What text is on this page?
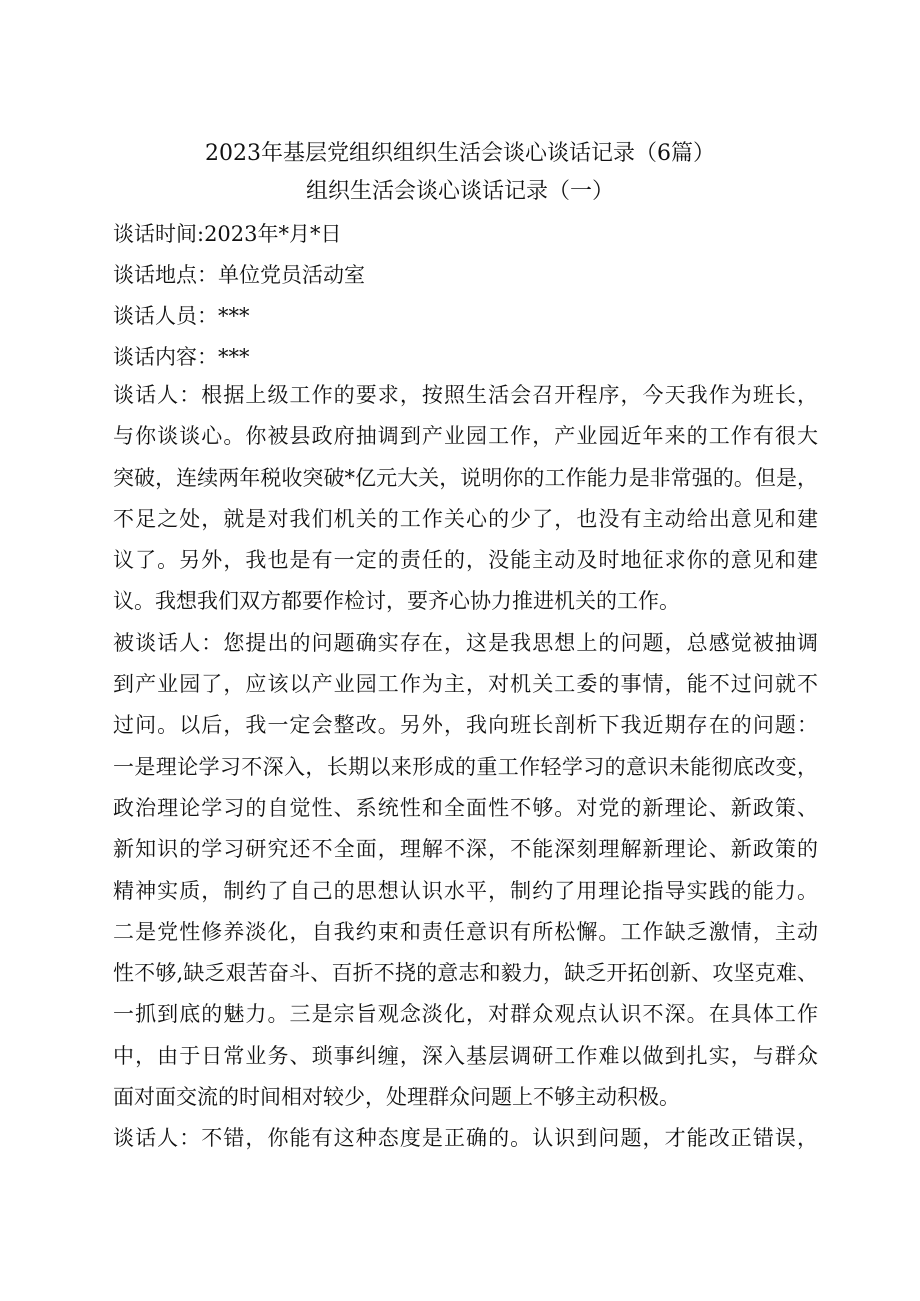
2023年基层党组织组织生活会谈心谈话记录（6篇）
组织生活会谈心谈话记录（一）
谈话时间:2023年*月*日
谈话地点：单位党员活动室
谈话人员：***
谈话内容：***
谈话人：根据上级工作的要求，按照生活会召开程序，今天我作为班长，
与你谈谈心。你被县政府抽调到产业园工作，产业园近年来的工作有很大
突破，连续两年税收突破*亿元大关，说明你的工作能力是非常强的。但是，
不足之处，就是对我们机关的工作关心的少了，也没有主动给出意见和建
议了。另外，我也是有一定的责任的，没能主动及时地征求你的意见和建
议。我想我们双方都要作检讨，要齐心协力推进机关的工作。
被谈话人：您提出的问题确实存在，这是我思想上的问题，总感觉被抽调
到产业园了，应该以产业园工作为主，对机关工委的事情，能不过问就不
过问。以后，我一定会整改。另外，我向班长剖析下我近期存在的问题：
一是理论学习不深入，长期以来形成的重工作轻学习的意识未能彻底改变，
政治理论学习的自觉性、系统性和全面性不够。对党的新理论、新政策、
新知识的学习研究还不全面，理解不深，不能深刻理解新理论、新政策的
精神实质，制约了自己的思想认识水平，制约了用理论指导实践的能力。
二是党性修养淡化，自我约束和责任意识有所松懈。工作缺乏激情，主动
性不够,缺乏艰苦奋斗、百折不挠的意志和毅力，缺乏开拓创新、攻坚克难、
一抓到底的魅力。三是宗旨观念淡化，对群众观点认识不深。在具体工作
中，由于日常业务、琐事纠缠，深入基层调研工作难以做到扎实，与群众
面对面交流的时间相对较少，处理群众问题上不够主动积极。
谈话人：不错，你能有这种态度是正确的。认识到问题，才能改正错误，
